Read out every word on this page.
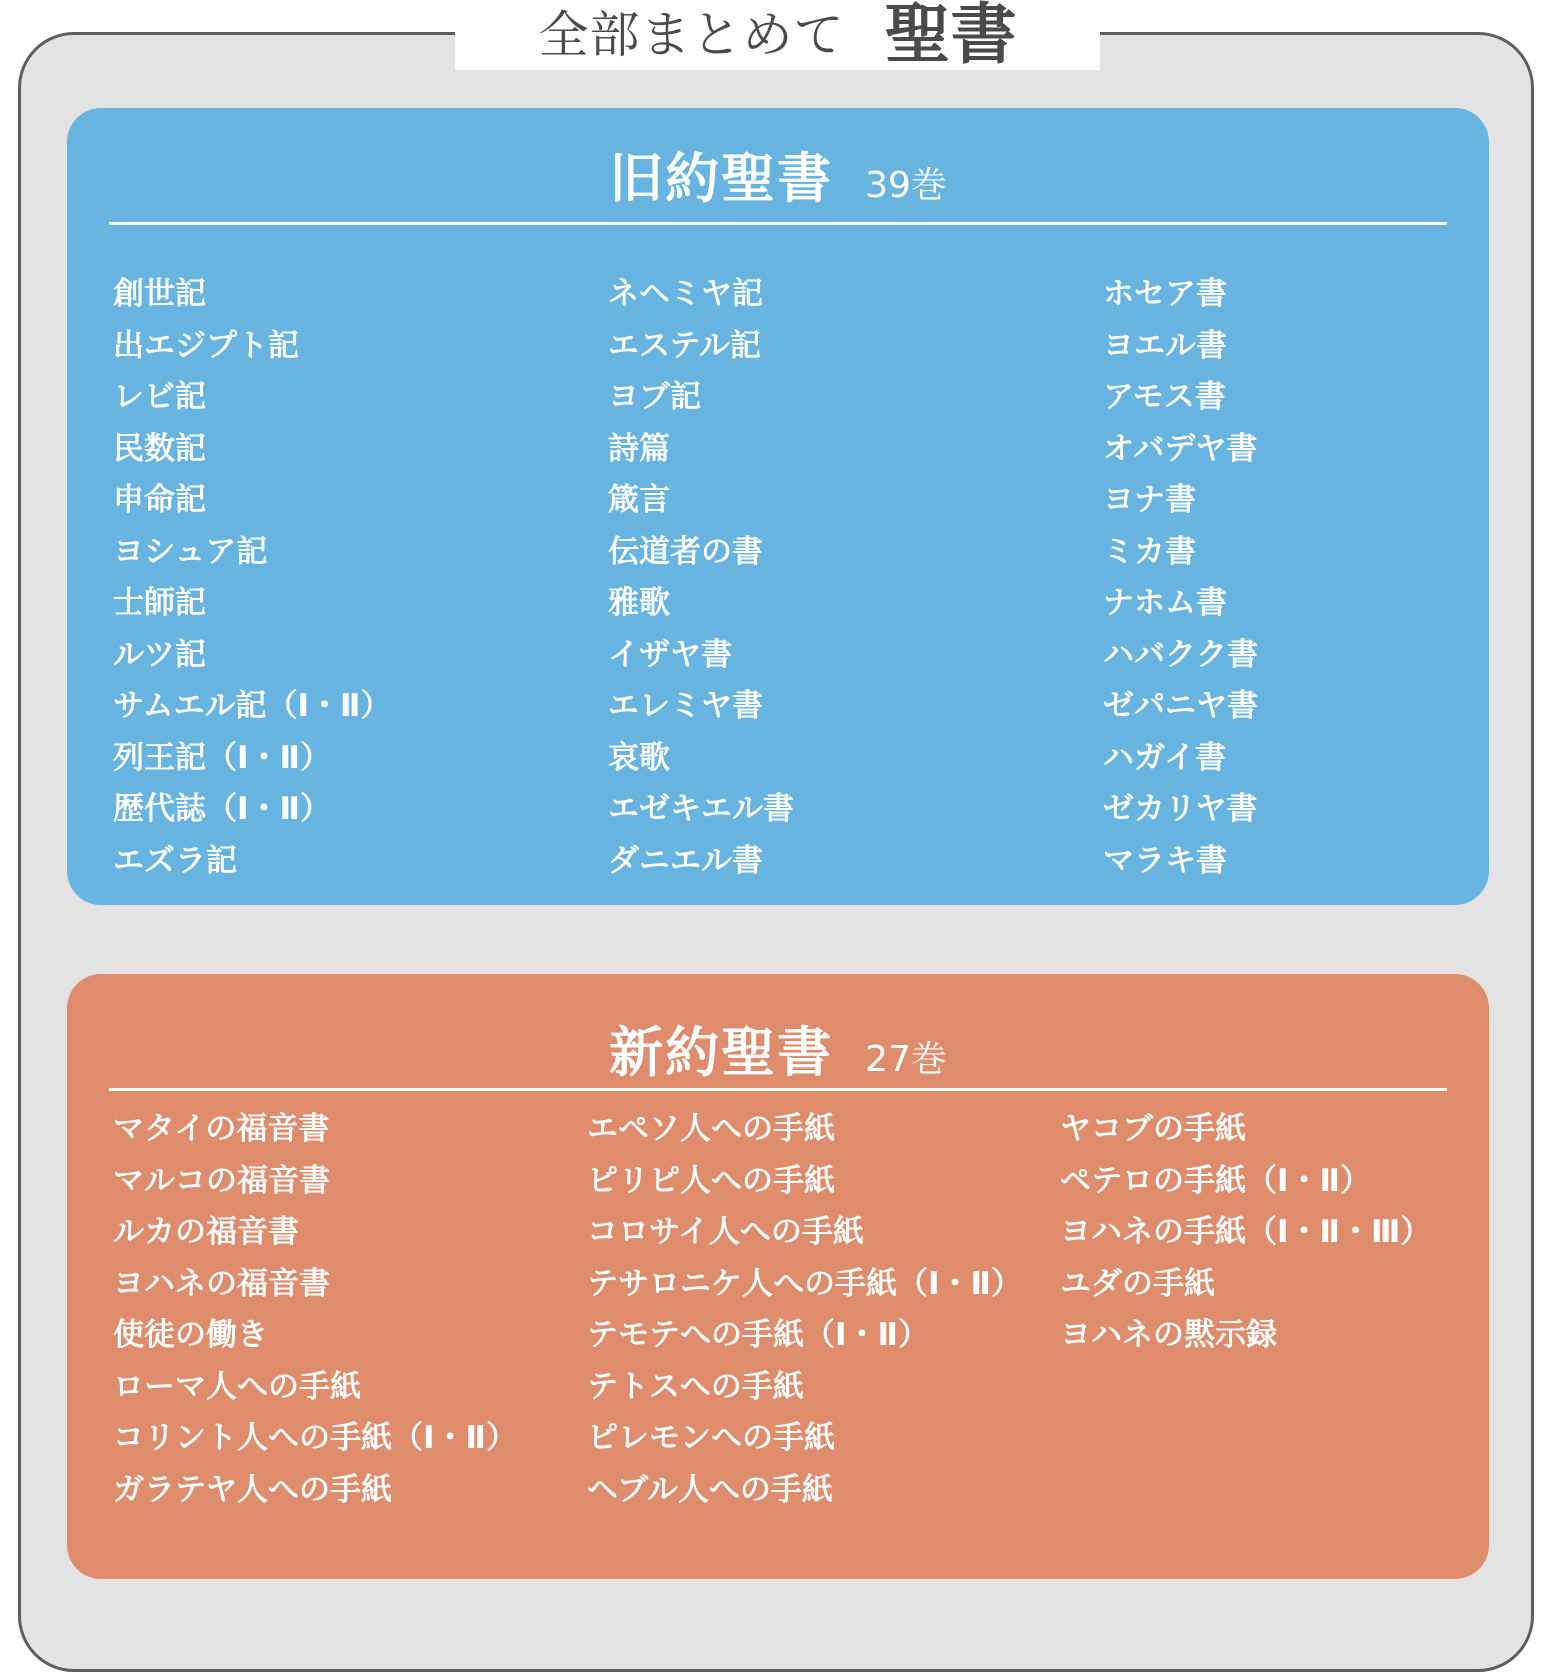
全部まとめて 聖書
旧約聖書 39巻
創世記
出エジプト記
レビ記
民数記
申命記
ヨシュア記
士師記
ルツ記
サムエル記（Ⅰ・Ⅱ）
列王記（Ⅰ・Ⅱ）
歴代誌（Ⅰ・Ⅱ）
エズラ記
ネヘミヤ記
エステル記
ヨブ記
詩篇
箴言
伝道者の書
雅歌
イザヤ書
エレミヤ書
哀歌
エゼキエル書
ダニエル書
ホセア書
ヨエル書
アモス書
オバデヤ書
ヨナ書
ミカ書
ナホム書
ハバクク書
ゼパニヤ書
ハガイ書
ゼカリヤ書
マラキ書
新約聖書 27巻
マタイの福音書
マルコの福音書
ルカの福音書
ヨハネの福音書
使徒の働き
ローマ人への手紙
コリント人への手紙（Ⅰ・Ⅱ）
ガラテヤ人への手紙
エペソ人への手紙
ピリピ人への手紙
コロサイ人への手紙
テサロニケ人への手紙（Ⅰ・Ⅱ）
テモテへの手紙（Ⅰ・Ⅱ）
テトスへの手紙
ピレモンへの手紙
ヘブル人への手紙
ヤコブの手紙
ペテロの手紙（Ⅰ・Ⅱ）
ヨハネの手紙（Ⅰ・Ⅱ・Ⅲ）
ユダの手紙
ヨハネの黙示録
